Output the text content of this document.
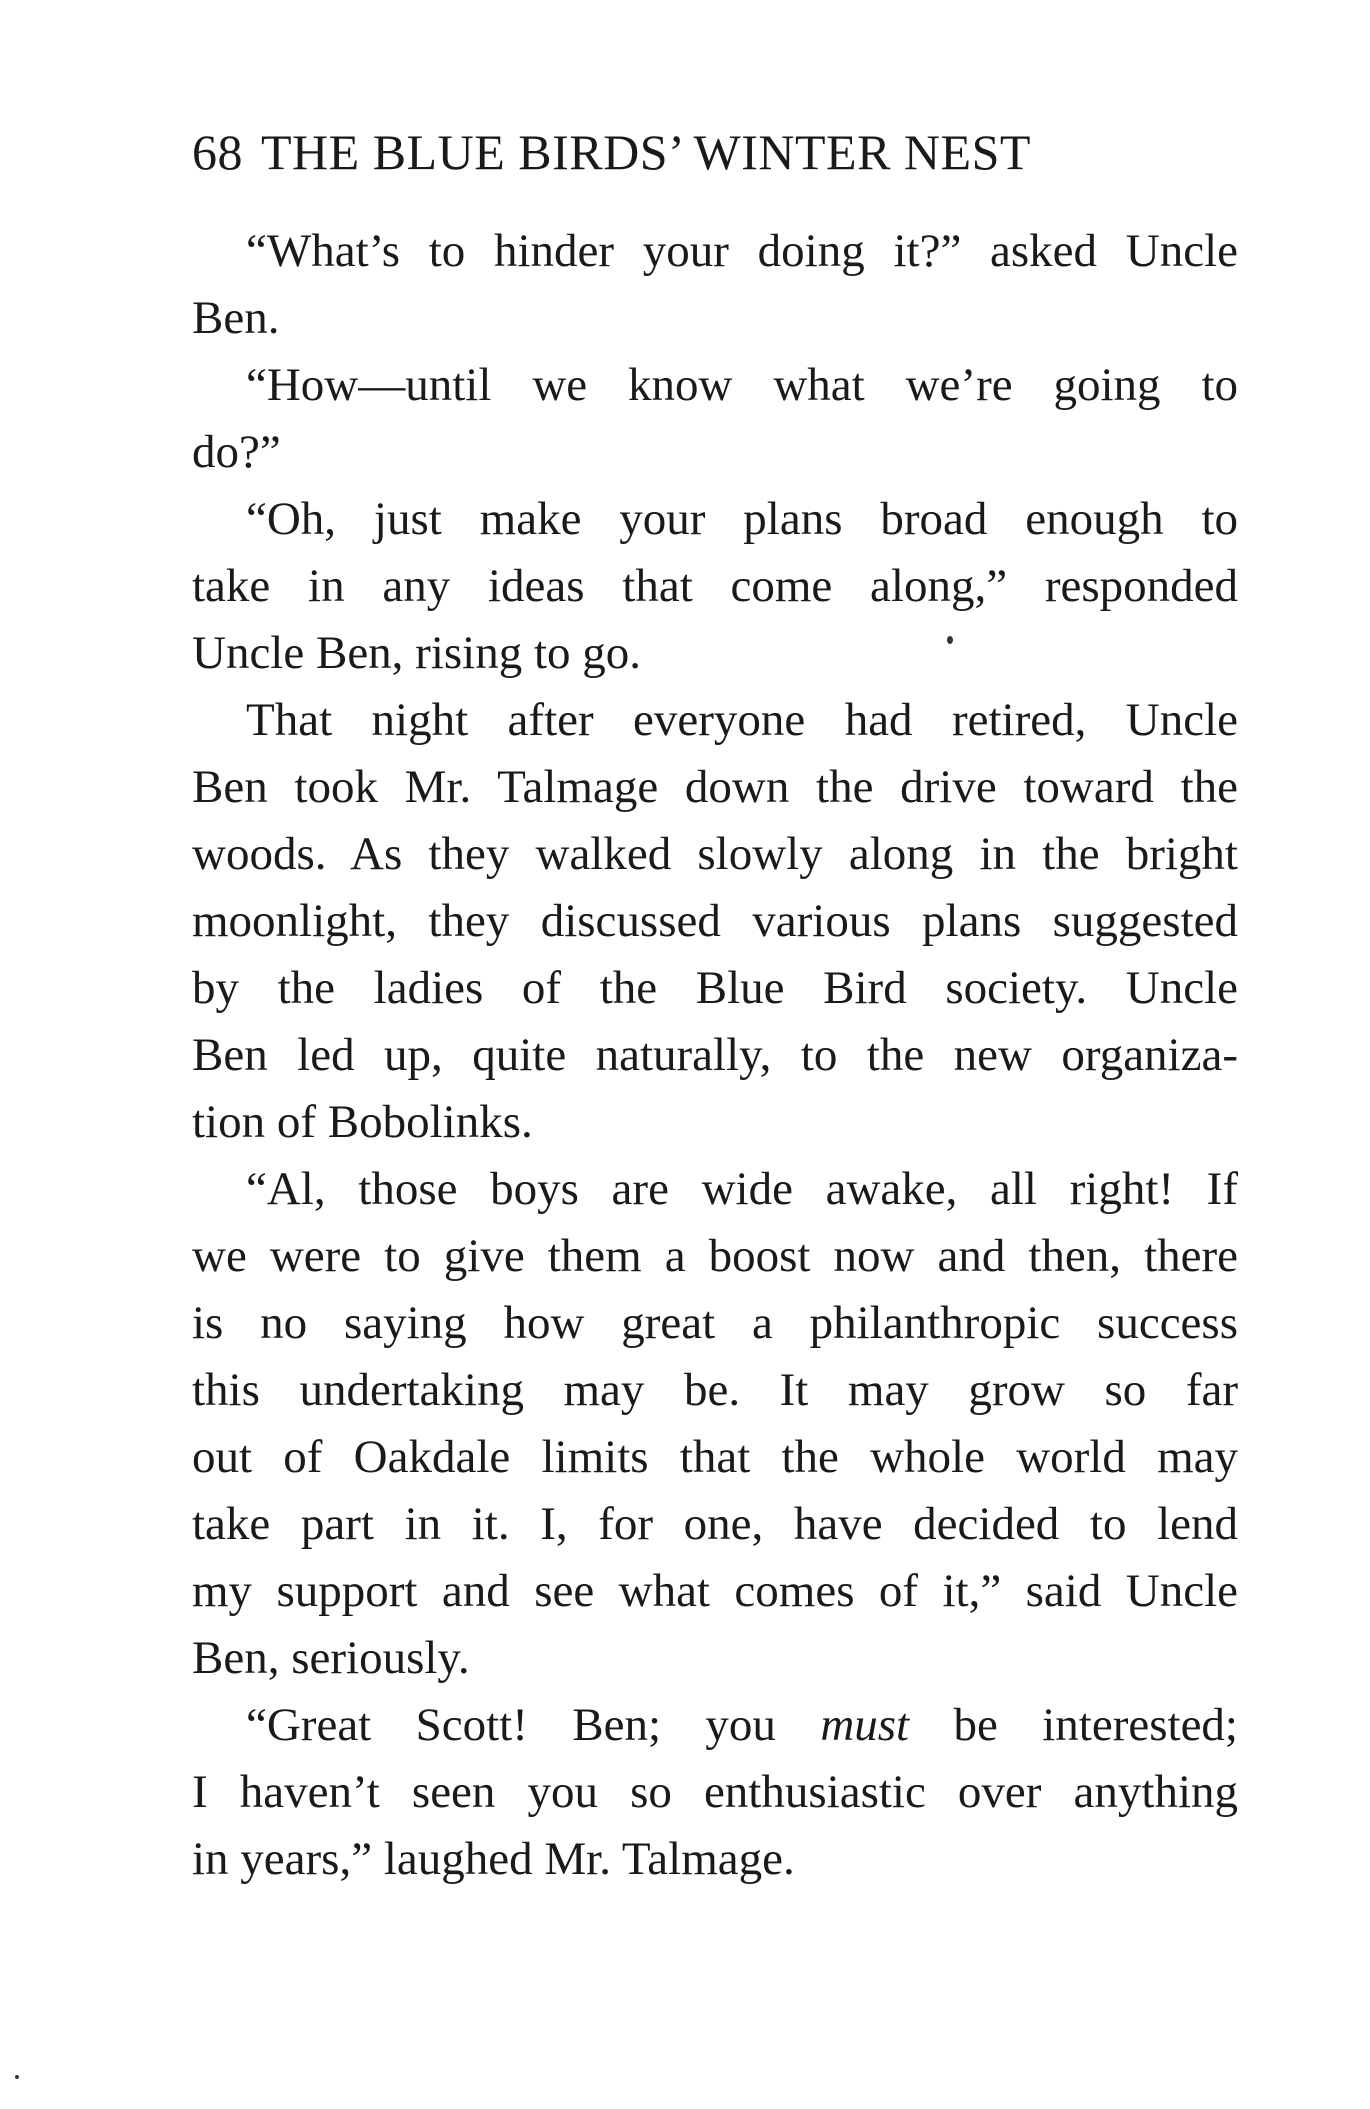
68 THE BLUE BIRDS’ WINTER NEST

“What’s to hinder your doing it?” asked Uncle
Ben.

“How—until we know what we’re going to
do?”

“Oh, just make your plans broad enough to
take in any ideas that come along,” responded
Uncle Ben, rising to go.

That night after everyone had retired, Uncle
Ben took Mr. Talmage down the drive toward the
woods. As they walked slowly along in the bright
moonlight, they discussed various plans suggested
by the ladies of the Blue Bird society. Uncle
Ben led up, quite naturally, to the new organiza-
tion of Bobolinks.

“Al, those boys are wide awake, all right! If
we were to give them a boost now and then, there
is no saying how great a philanthropic success
this undertaking may be. It may grow so far
out of Oakdale limits that the whole world may
take part in it. I, for one, have decided to lend
my support and see what comes of it,” said Uncle
Ben, seriously.

“Great Scott! Ben; you must be interested;
I haven’t seen you so enthusiastic over anything
in years,” laughed Mr. Talmage.
